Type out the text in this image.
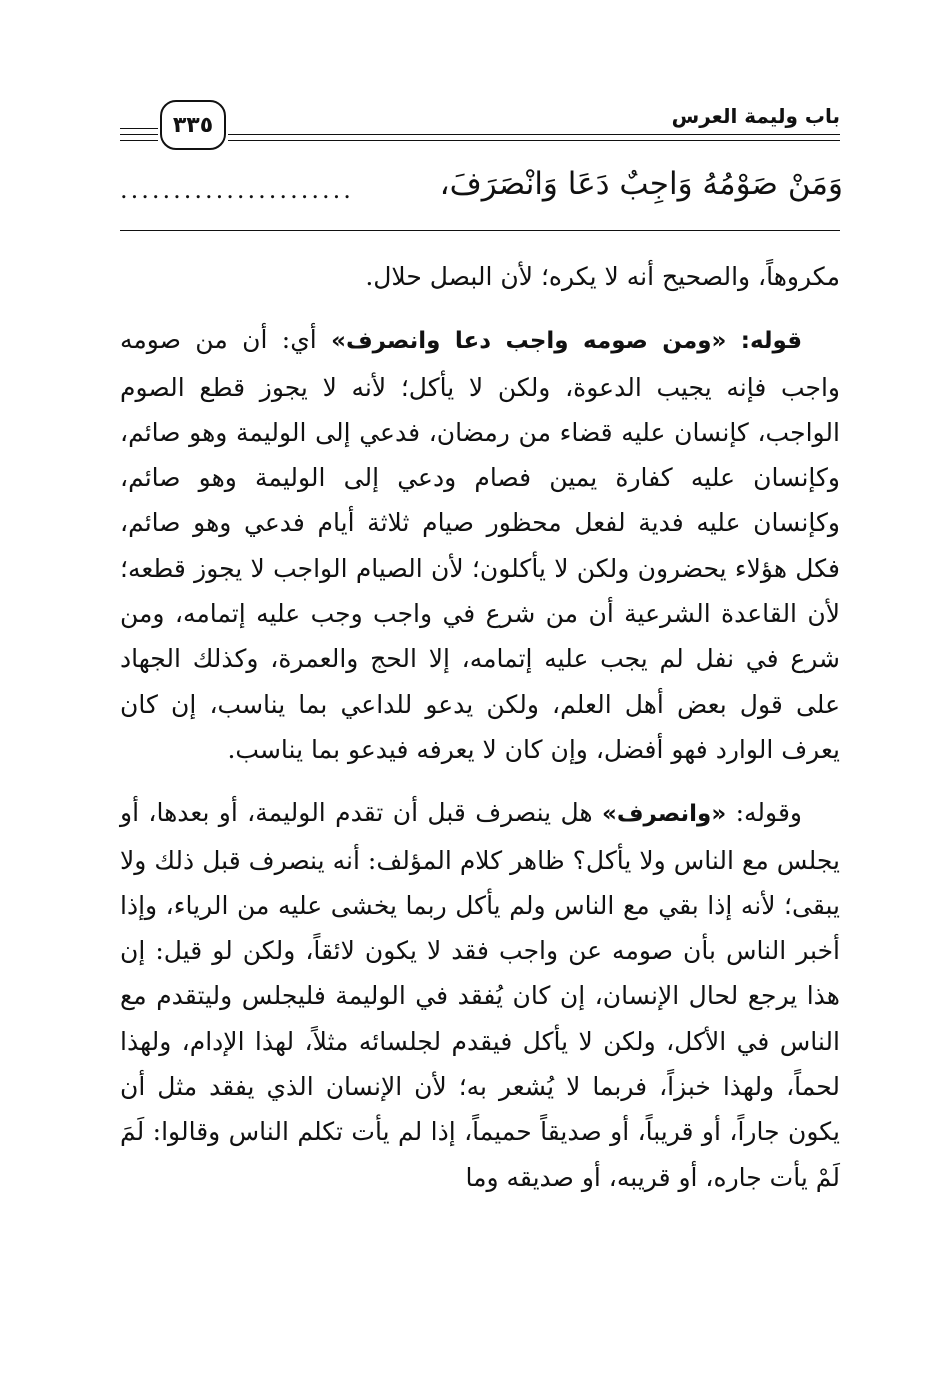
باب وليمة العرس
٣٣٥
وَمَنْ صَوْمُهُ وَاجِبٌ دَعَا وَانْصَرَفَ،
......................

مكروهاً، والصحيح أنه لا يكره؛ لأن البصل حلال.

قوله: «ومن صومه واجب دعا وانصرف» أي: أن من صومه واجب فإنه يجيب الدعوة، ولكن لا يأكل؛ لأنه لا يجوز قطع الصوم الواجب، كإنسان عليه قضاء من رمضان، فدعي إلى الوليمة وهو صائم، وكإنسان عليه كفارة يمين فصام ودعي إلى الوليمة وهو صائم، وكإنسان عليه فدية لفعل محظور صيام ثلاثة أيام فدعي وهو صائم، فكل هؤلاء يحضرون ولكن لا يأكلون؛ لأن الصيام الواجب لا يجوز قطعه؛ لأن القاعدة الشرعية أن من شرع في واجب وجب عليه إتمامه، ومن شرع في نفل لم يجب عليه إتمامه، إلا الحج والعمرة، وكذلك الجهاد على قول بعض أهل العلم، ولكن يدعو للداعي بما يناسب، إن كان يعرف الوارد فهو أفضل، وإن كان لا يعرفه فيدعو بما يناسب.

وقوله: «وانصرف» هل ينصرف قبل أن تقدم الوليمة، أو بعدها، أو يجلس مع الناس ولا يأكل؟ ظاهر كلام المؤلف: أنه ينصرف قبل ذلك ولا يبقى؛ لأنه إذا بقي مع الناس ولم يأكل ربما يخشى عليه من الرياء، وإذا أخبر الناس بأن صومه عن واجب فقد لا يكون لائقاً، ولكن لو قيل: إن هذا يرجع لحال الإنسان، إن كان يُفقد في الوليمة فليجلس وليتقدم مع الناس في الأكل، ولكن لا يأكل فيقدم لجلسائه مثلاً، لهذا الإدام، ولهذا لحماً، ولهذا خبزاً، فربما لا يُشعر به؛ لأن الإنسان الذي يفقد مثل أن يكون جاراً، أو قريباً، أو صديقاً حميماً، إذا لم يأت تكلم الناس وقالوا: لَمَ لَمْ يأت جاره، أو قريبه، أو صديقه وما
